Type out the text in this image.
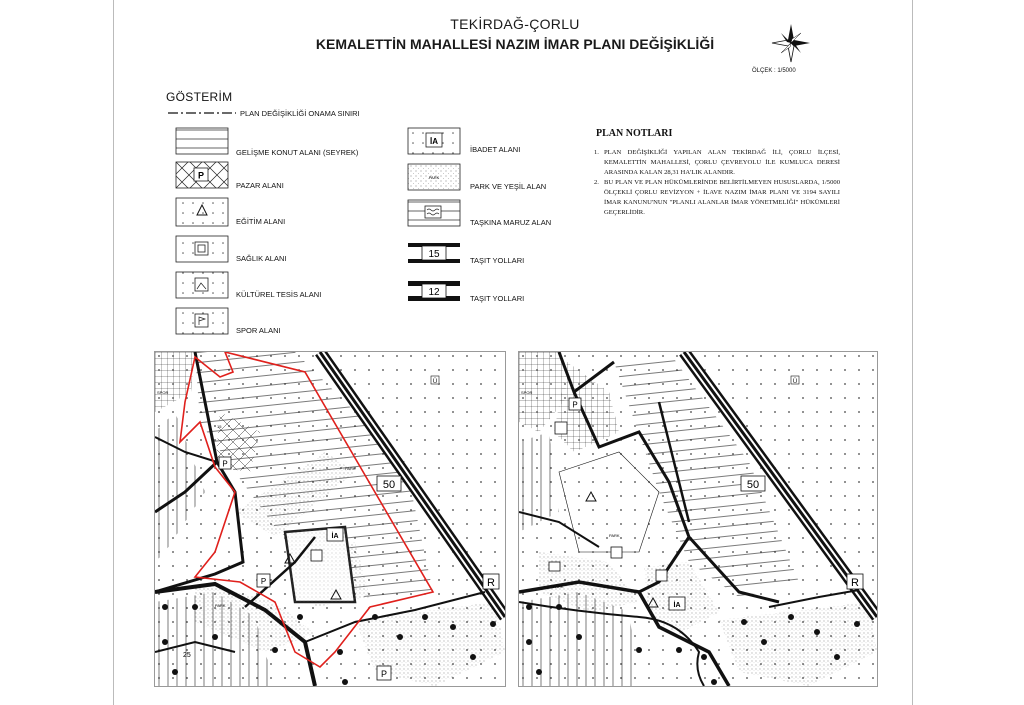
TEKİRDAĞ-ÇORLU
KEMALETTİN MAHALLESİ NAZIM İMAR PLANI DEĞİŞİKLİĞİ
ÖLÇEK : 1/5000
GÖSTERİM
P
İA
PARK
15
12
PLAN DEĞİŞİKLİĞİ ONAMA SINIRI
GELİŞME KONUT ALANI (SEYREK)
PAZAR ALANI
EĞİTİM ALANI
SAĞLIK ALANI
KÜLTÜREL TESİS ALANI
SPOR ALANI
İBADET ALANI
PARK VE YEŞİL ALAN
TAŞKINA MARUZ ALAN
TAŞIT YOLLARI
TAŞIT YOLLARI
PLAN NOTLARI
1. PLAN DEĞİŞİKLİĞİ YAPILAN ALAN TEKİRDAĞ İLİ, ÇORLU İLÇESİ, KEMALETTİN MAHALLESİ, ÇORLU ÇEVREYOLU İLE KUMLUCA DERESİ ARASINDA KALAN 28,31 HA'LIK ALANDIR.
2. BU PLAN VE PLAN HÜKÜMLERİNDE BELİRTİLMEYEN HUSUSLARDA, 1/5000 ÖLÇEKLİ ÇORLU REVİZYON + İLAVE NAZIM İMAR PLANI VE 3194 SAYILI İMAR KANUNU'NUN "PLANLI ALANLAR İMAR YÖNETMELİĞİ" HÜKÜMLERİ GEÇERLİDİR.
50
R
Ü
P
P
P
İA
PARK
PARK
25
15
SPOR
50
R
Ü
P
İA
PARK
PARK
SPOR
